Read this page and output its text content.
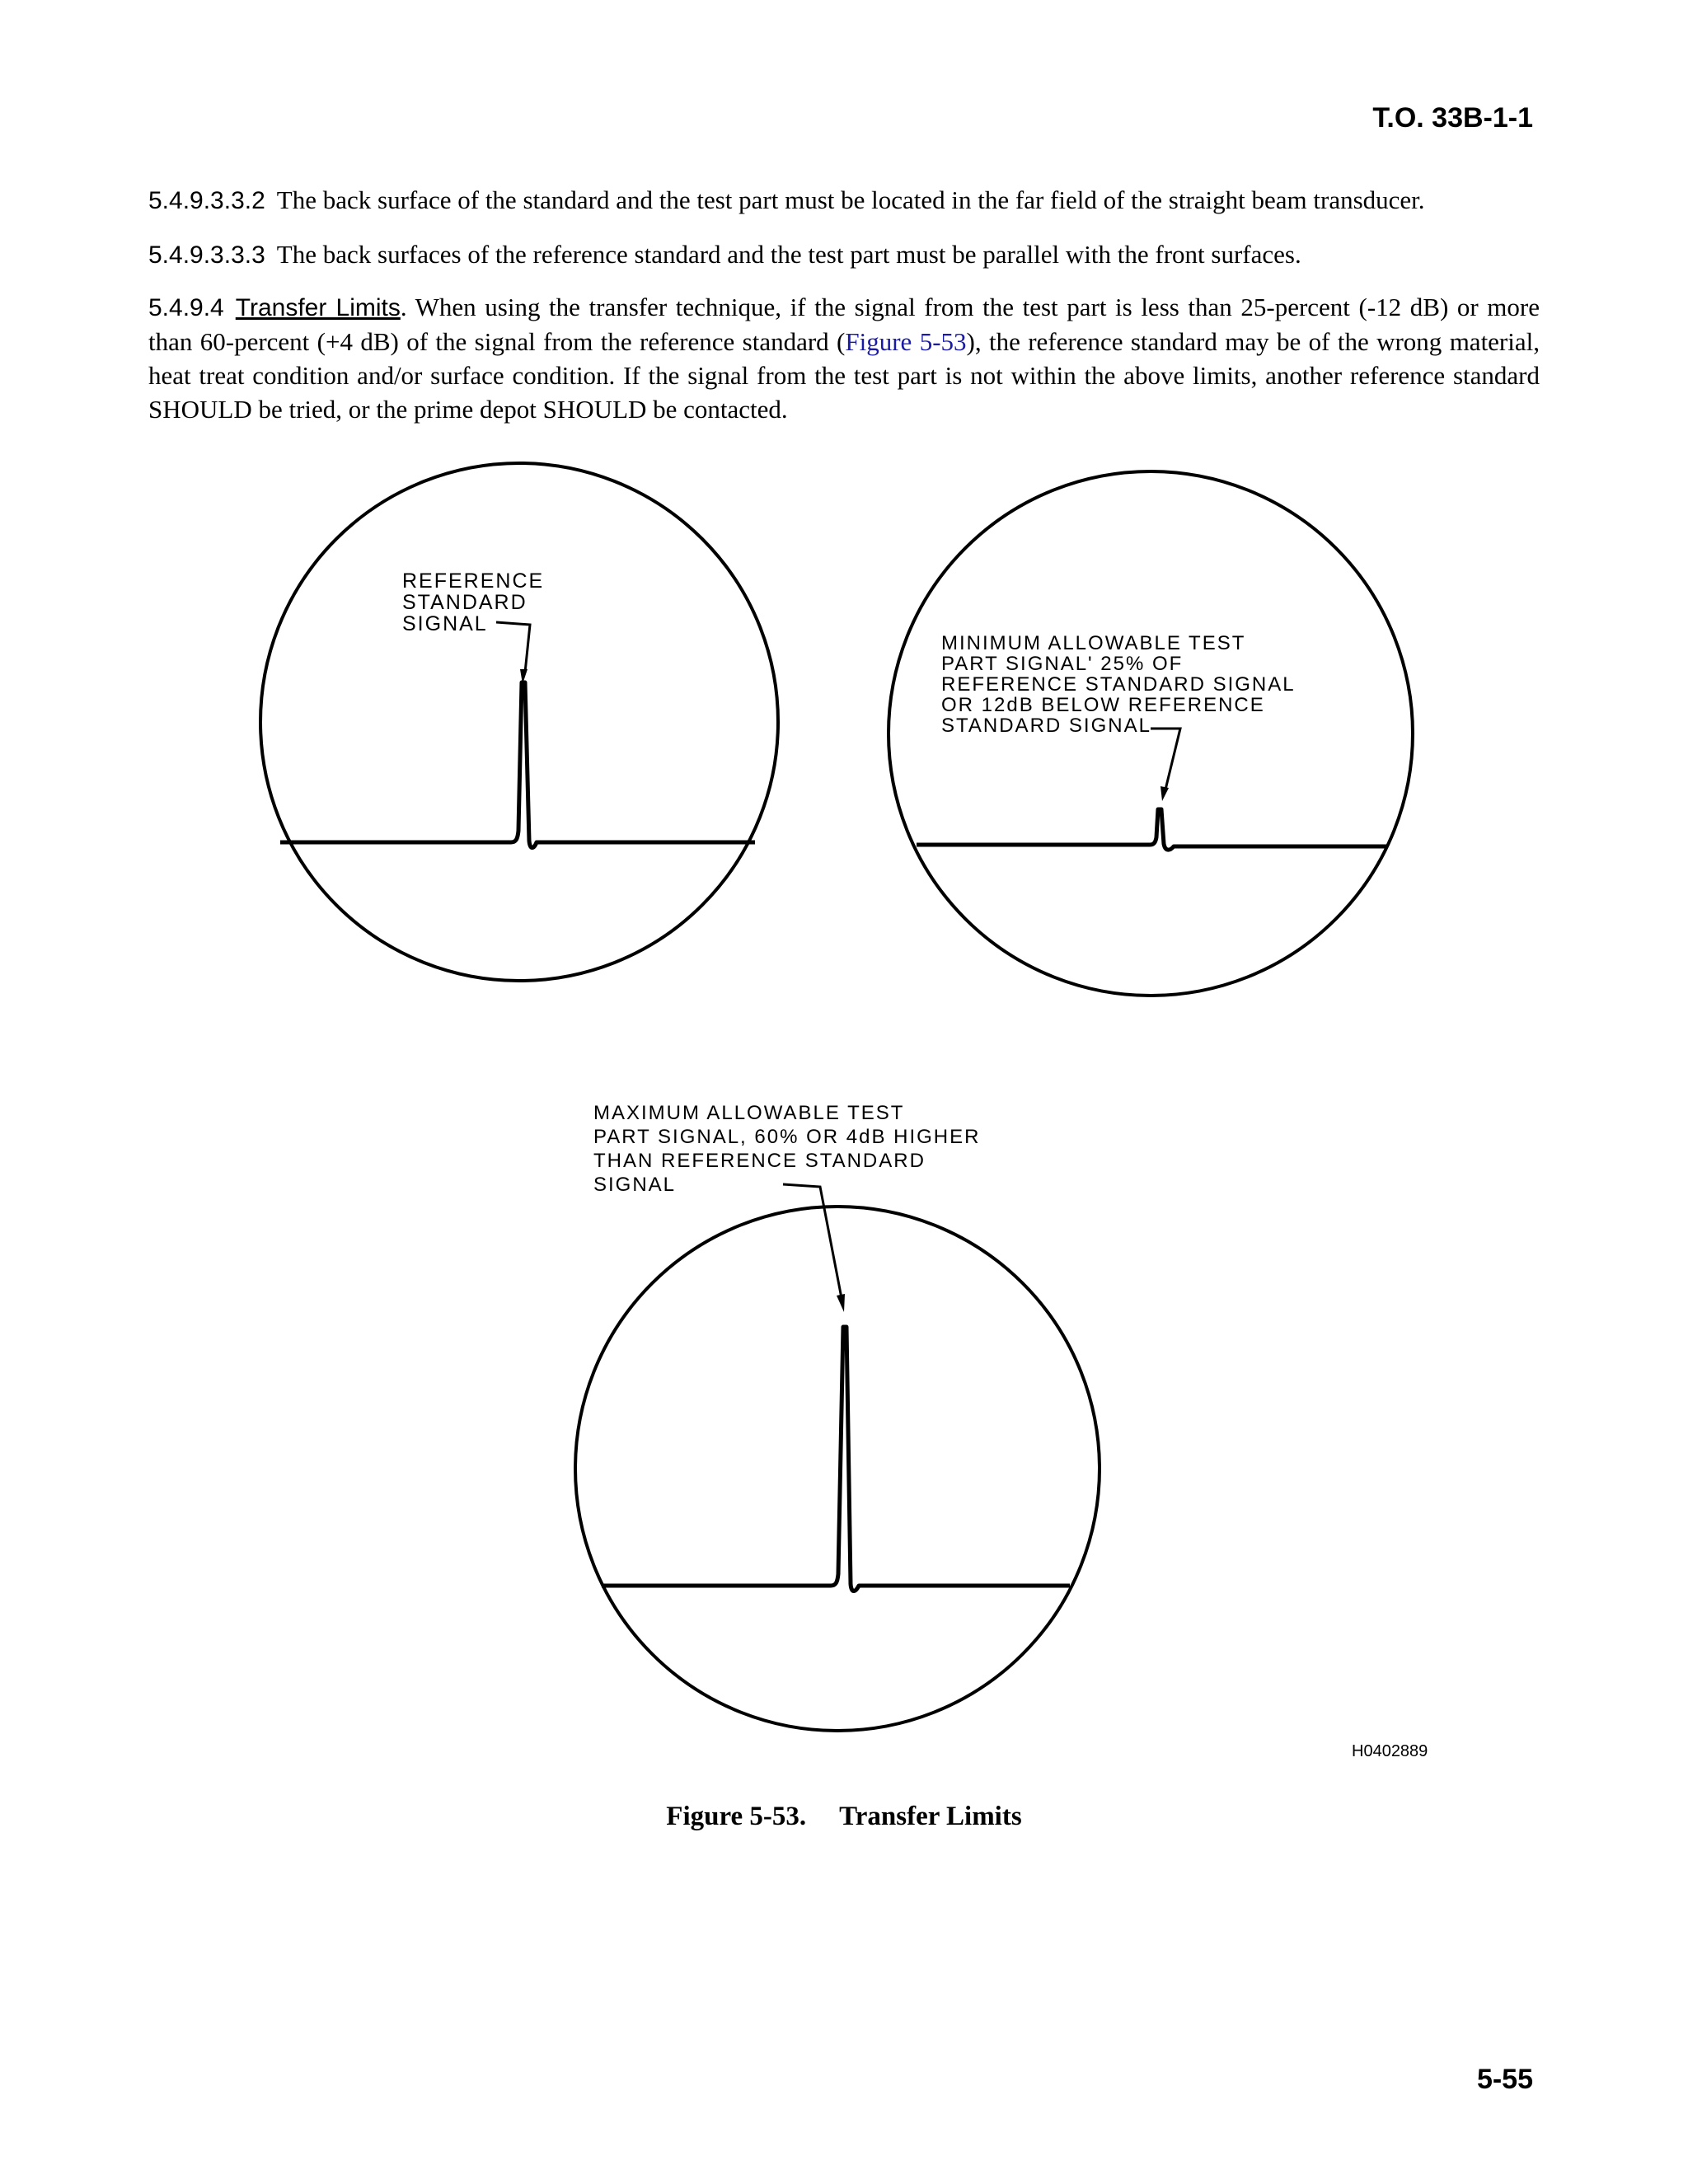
T.O. 33B-1-1

5.4.9.3.3.2 The back surface of the standard and the test part must be located in the far field of the straight beam transducer.

5.4.9.3.3.3 The back surfaces of the reference standard and the test part must be parallel with the front surfaces.

5.4.9.4 Transfer Limits. When using the transfer technique, if the signal from the test part is less than 25-percent (-12 dB) or more than 60-percent (+4 dB) of the signal from the reference standard (Figure 5-53), the reference standard may be of the wrong material, heat treat condition and/or surface condition. If the signal from the test part is not within the above limits, another reference standard SHOULD be tried, or the prime depot SHOULD be contacted.

REFERENCE
STANDARD
SIGNAL
MINIMUM ALLOWABLE TEST
PART SIGNAL' 25% OF
REFERENCE STANDARD SIGNAL
OR 12dB BELOW REFERENCE
STANDARD SIGNAL
MAXIMUM ALLOWABLE TEST
PART SIGNAL, 60% OR 4dB HIGHER
THAN REFERENCE STANDARD
SIGNAL
H0402889
Figure 5-53. Transfer Limits
5-55
